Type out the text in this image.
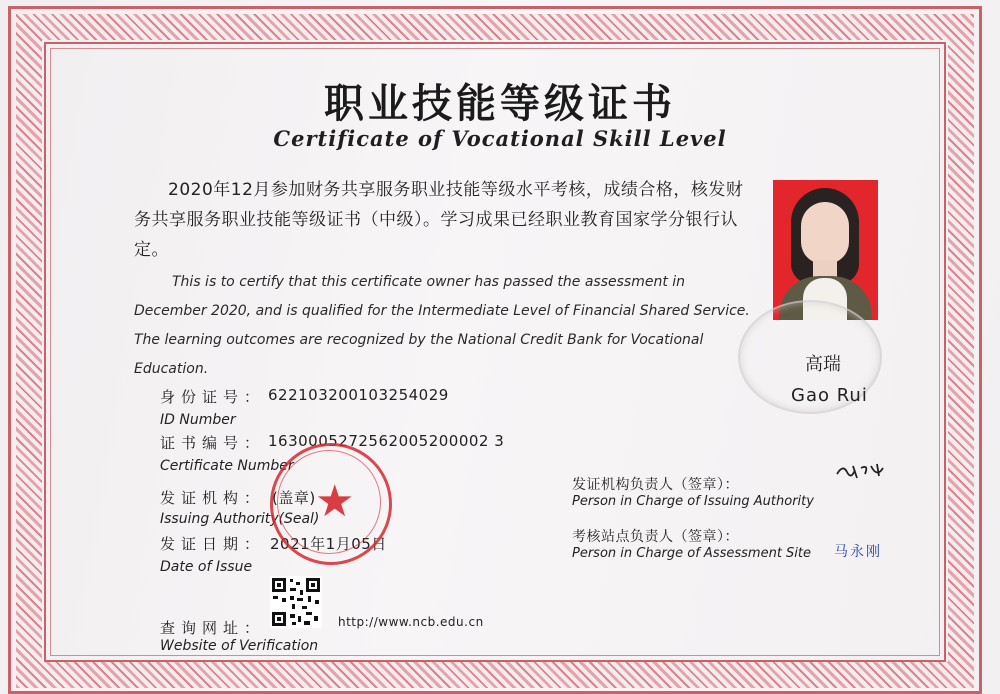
职业技能等级证书
Certificate of Vocational Skill Level
2020年12月参加财务共享服务职业技能等级水平考核，成绩合格，核发财务共享服务职业技能等级证书（中级）。学习成果已经职业教育国家学分银行认定。
This is to certify that this certificate owner has passed the assessment in December 2020, and is qualified for the Intermediate Level of Financial Shared Service. The learning outcomes are recognized by the National Credit Bank for Vocational Education.	高瑞
Gao Rui
身份证号： 622103200103254029
ID Number
证书编号： 1630005272562005200002 3
Certificate Number
发证机构： (盖章)
Issuing Authority(Seal)
发证日期： 2021年1月05日
Date of Issue
查询网址：	http://www.ncb.edu.cn
Website of Verification
★	发证机构负责人（签章）：
Person in Charge of Issuing Authority
考核站点负责人（签章）：
Person in Charge of Assessment Site 马永刚
